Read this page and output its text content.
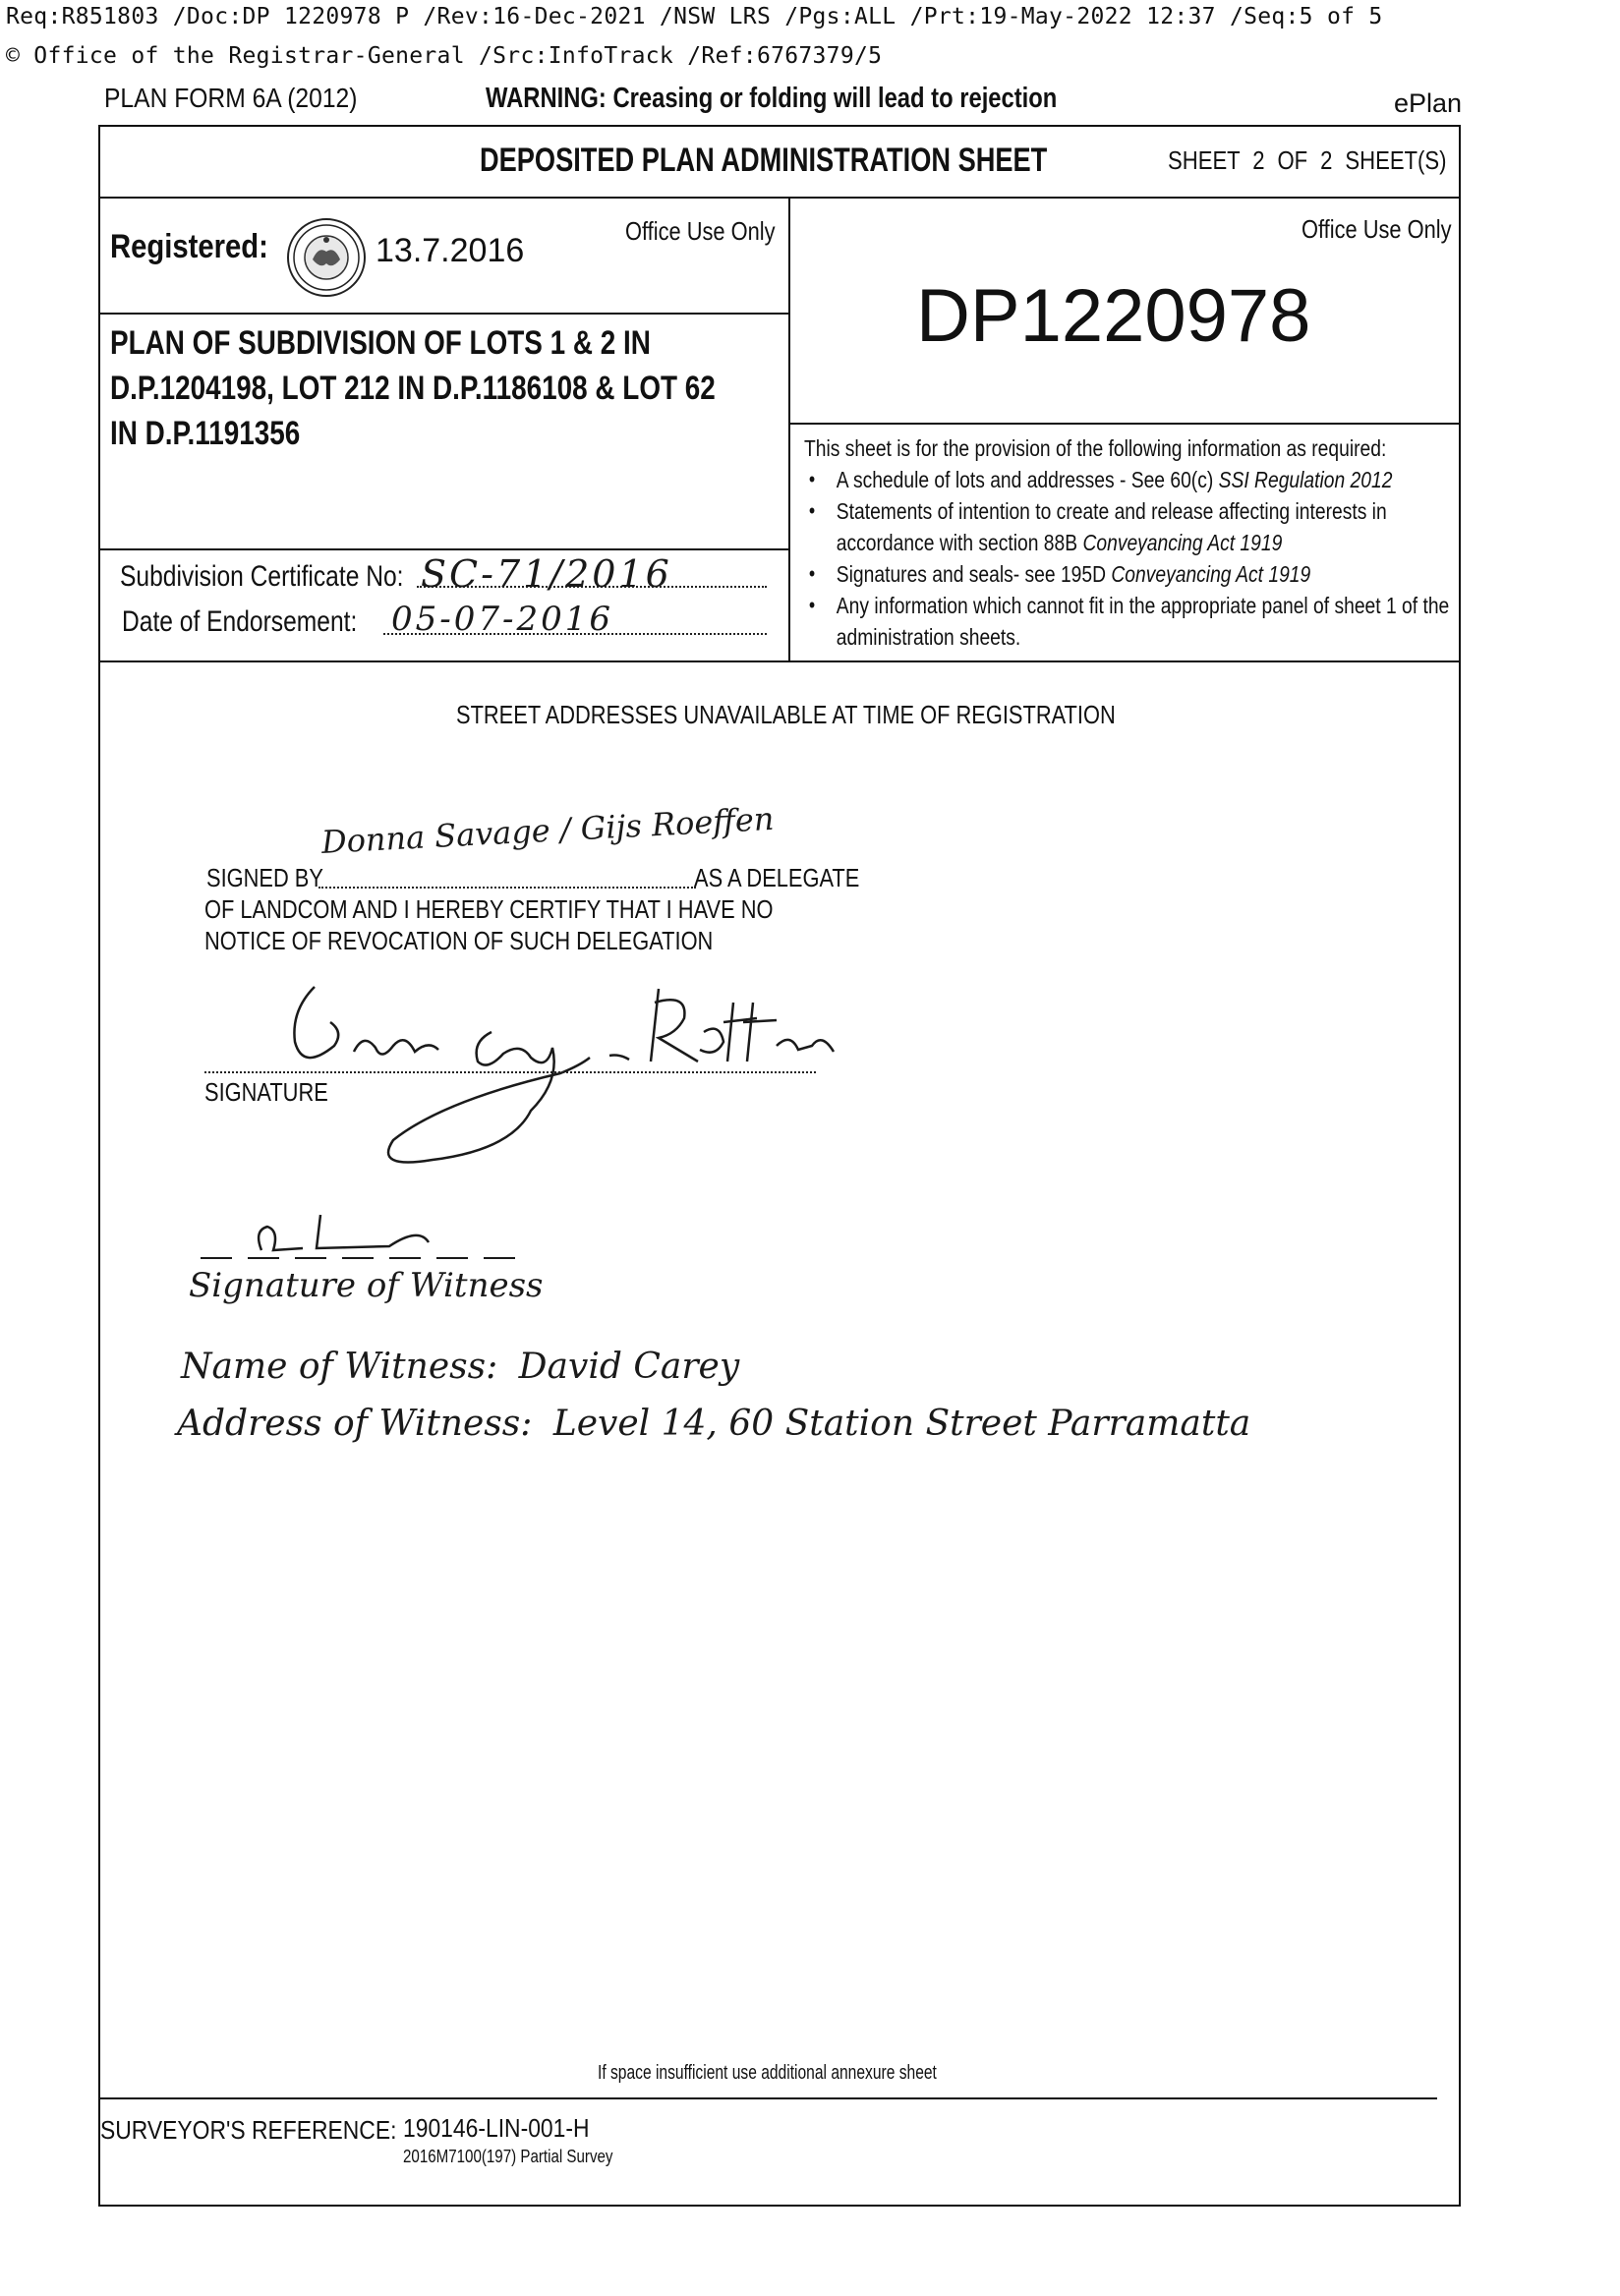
Req:R851803 /Doc:DP 1220978 P /Rev:16-Dec-2021 /NSW LRS /Pgs:ALL /Prt:19-May-2022 12:37 /Seq:5 of 5
© Office of the Registrar-General /Src:InfoTrack /Ref:6767379/5
PLAN FORM 6A (2012)	WARNING: Creasing or folding will lead to rejection	ePlan
DEPOSITED PLAN ADMINISTRATION SHEET	SHEET 2 OF 2 SHEET(S)
Registered:	13.7.2016
Office Use Only	Office Use Only
DP1220978
PLAN OF SUBDIVISION OF LOTS 1 & 2 IN
D.P.1204198, LOT 212 IN D.P.1186108 & LOT 62
IN D.P.1191356
Subdivision Certificate No: SC-71/2016
Date of Endorsement: 05-07-2016
This sheet is for the provision of the following information as required:
• A schedule of lots and addresses - See 60(c) SSI Regulation 2012
• Statements of intention to create and release affecting interests in accordance with section 88B Conveyancing Act 1919
• Signatures and seals- see 195D Conveyancing Act 1919
• Any information which cannot fit in the appropriate panel of sheet 1 of the administration sheets.
STREET ADDRESSES UNAVAILABLE AT TIME OF REGISTRATION
Donna Savage / Gijs Roeffen
SIGNED BY	AS A DELEGATE
OF LANDCOM AND I HEREBY CERTIFY THAT I HAVE NO
NOTICE OF REVOCATION OF SUCH DELEGATION
SIGNATURE
Signature of Witness
Name of Witness: David Carey
Address of Witness: Level 14, 60 Station Street Parramatta
If space insufficient use additional annexure sheet
SURVEYOR'S REFERENCE: 190146-LIN-001-H
2016M7100(197) Partial Survey
